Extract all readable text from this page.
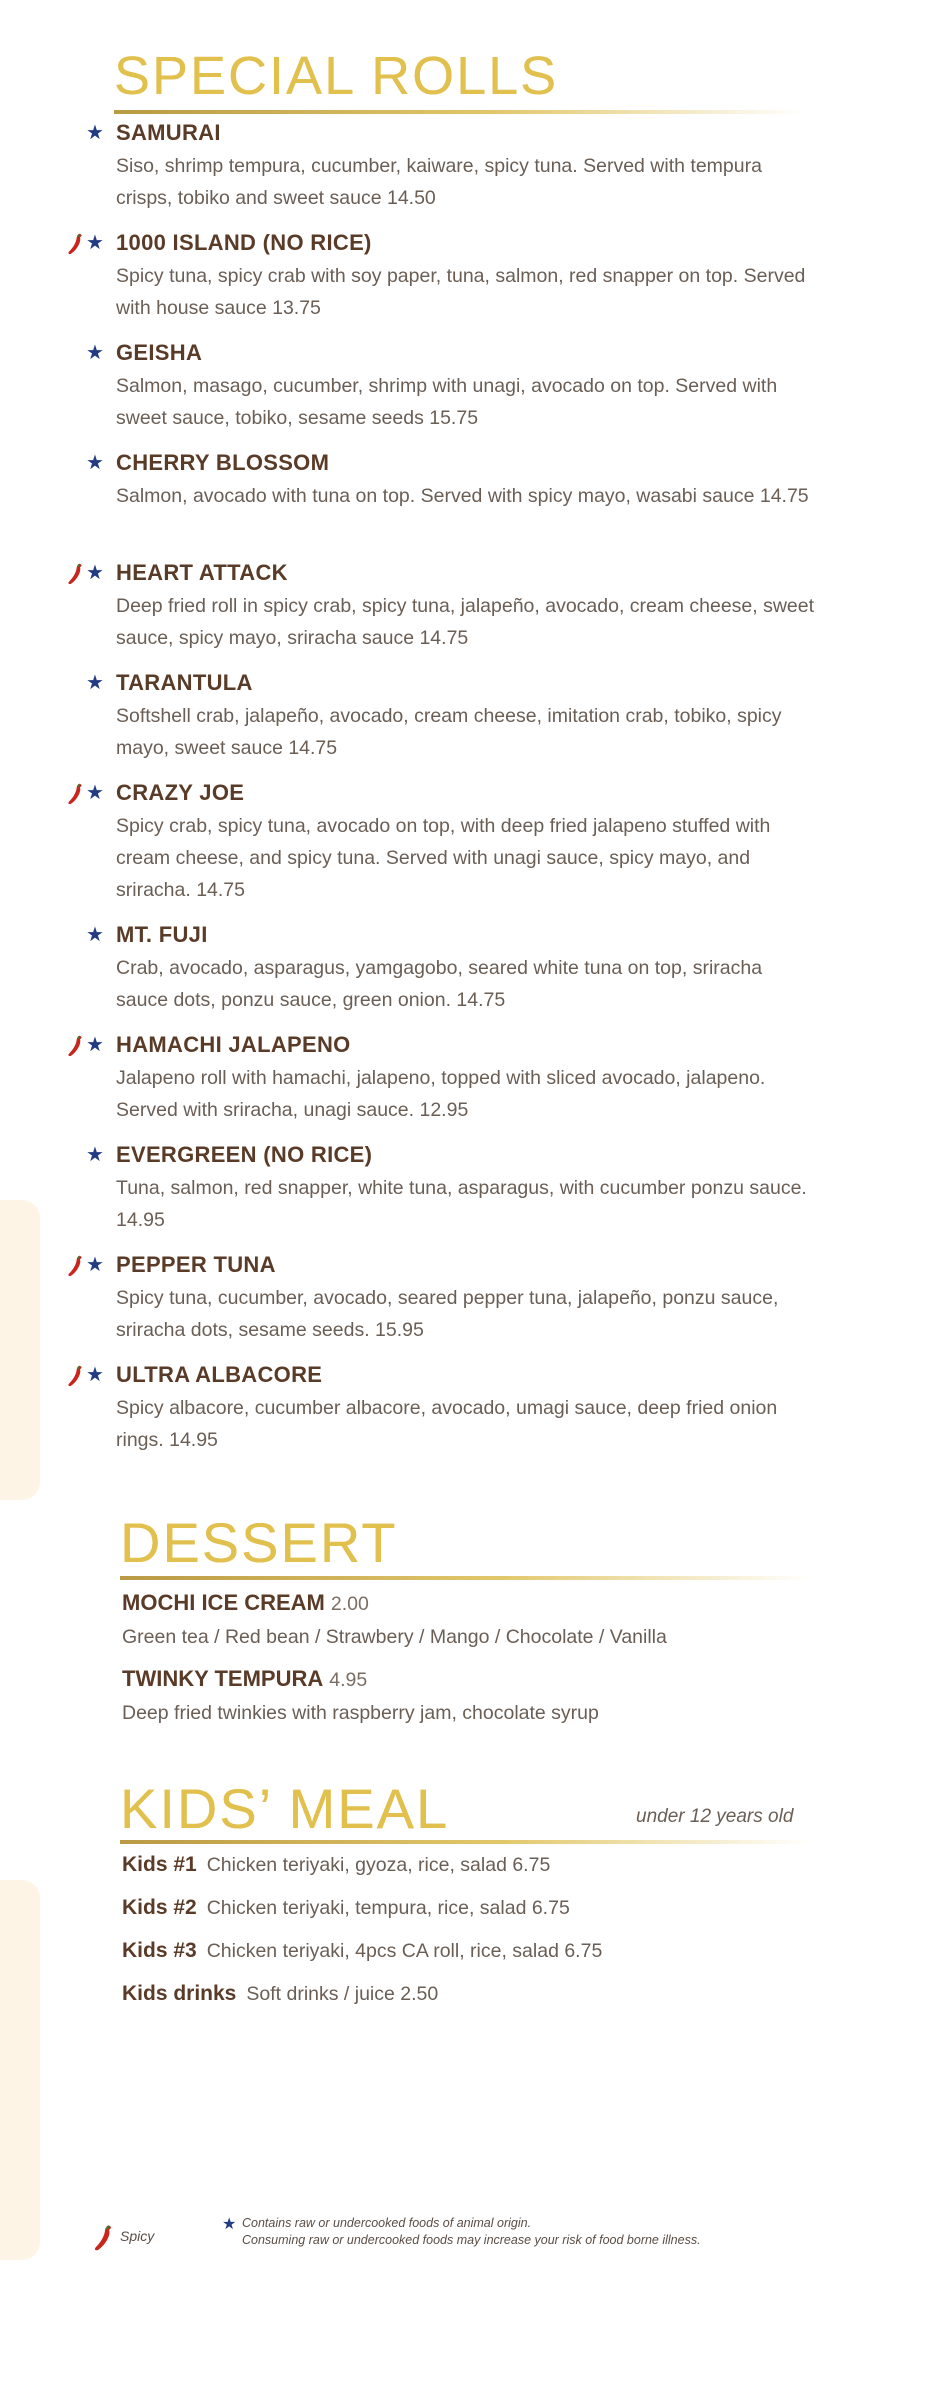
SPECIAL ROLLS
★ SAMURAI
Siso, shrimp tempura, cucumber, kaiware, spicy tuna. Served with tempura crisps, tobiko and sweet sauce 14.50
★ 1000 ISLAND (NO RICE)
Spicy tuna, spicy crab with soy paper, tuna, salmon, red snapper on top. Served with house sauce 13.75
★ GEISHA
Salmon, masago, cucumber, shrimp with unagi, avocado on top. Served with sweet sauce, tobiko, sesame seeds 15.75
★ CHERRY BLOSSOM
Salmon, avocado with tuna on top. Served with spicy mayo, wasabi sauce 14.75
★ HEART ATTACK
Deep fried roll in spicy crab, spicy tuna, jalapeño, avocado, cream cheese, sweet sauce, spicy mayo, sriracha sauce 14.75
★ TARANTULA
Softshell crab, jalapeño, avocado, cream cheese, imitation crab, tobiko, spicy mayo, sweet sauce 14.75
★ CRAZY JOE
Spicy crab, spicy tuna, avocado on top, with deep fried jalapeno stuffed with cream cheese, and spicy tuna. Served with unagi sauce, spicy mayo, and sriracha. 14.75
★ MT. FUJI
Crab, avocado, asparagus, yamgagobo, seared white tuna on top, sriracha sauce dots, ponzu sauce, green onion. 14.75
★ HAMACHI JALAPENO
Jalapeno roll with hamachi, jalapeno, topped with sliced avocado, jalapeno. Served with sriracha, unagi sauce. 12.95
★ EVERGREEN (NO RICE)
Tuna, salmon, red snapper, white tuna, asparagus, with cucumber ponzu sauce. 14.95
★ PEPPER TUNA
Spicy tuna, cucumber, avocado, seared pepper tuna, jalapeño, ponzu sauce, sriracha dots, sesame seeds. 15.95
★ ULTRA ALBACORE
Spicy albacore, cucumber albacore, avocado, umagi sauce, deep fried onion rings. 14.95
DESSERT
MOCHI ICE CREAM 2.00
Green tea / Red bean / Strawbery / Mango / Chocolate / Vanilla
TWINKY TEMPURA 4.95
Deep fried twinkies with raspberry jam, chocolate syrup
KIDS’ MEAL	under 12 years old
Kids #1 Chicken teriyaki, gyoza, rice, salad 6.75
Kids #2 Chicken teriyaki, tempura, rice, salad 6.75
Kids #3 Chicken teriyaki, 4pcs CA roll, rice, salad 6.75
Kids drinks Soft drinks / juice 2.50
Spicy
★ Contains raw or undercooked foods of animal origin.
Consuming raw or undercooked foods may increase your risk of food borne illness.
